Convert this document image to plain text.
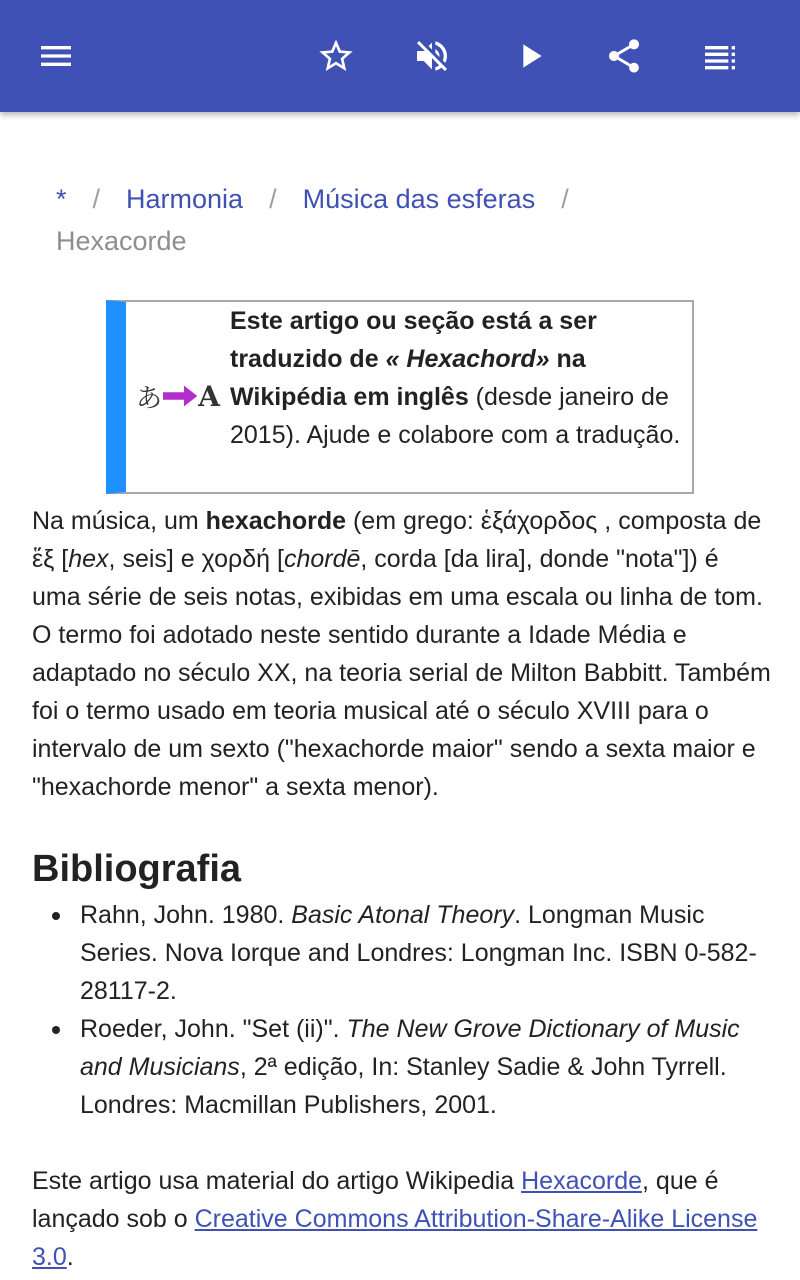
* / Harmonia / Música das esferas /
Hexacorde
あ A
Este artigo ou seção está a ser traduzido de « Hexachord» na Wikipédia em inglês (desde janeiro de 2015). Ajude e colabore com a tradução.

Na música, um hexachorde (em grego: ἑξάχορδος , composta de ἕξ [hex, seis] e χορδή [chordē, corda [da lira], donde "nota"]) é uma série de seis notas, exibidas em uma escala ou linha de tom. O termo foi adotado neste sentido durante a Idade Média e adaptado no século XX, na teoria serial de Milton Babbitt. Também foi o termo usado em teoria musical até o século XVIII para o intervalo de um sexto ("hexachorde maior" sendo a sexta maior e "hexachorde menor" a sexta menor).

Bibliografia
Rahn, John. 1980. Basic Atonal Theory. Longman Music Series. Nova Iorque and Londres: Longman Inc. ISBN 0-582-28117-2.
Roeder, John. "Set (ii)". The New Grove Dictionary of Music and Musicians, 2ª edição, In: Stanley Sadie & John Tyrrell. Londres: Macmillan Publishers, 2001.

Este artigo usa material do artigo Wikipedia Hexacorde, que é lançado sob o Creative Commons Attribution-Share-Alike License 3.0.
